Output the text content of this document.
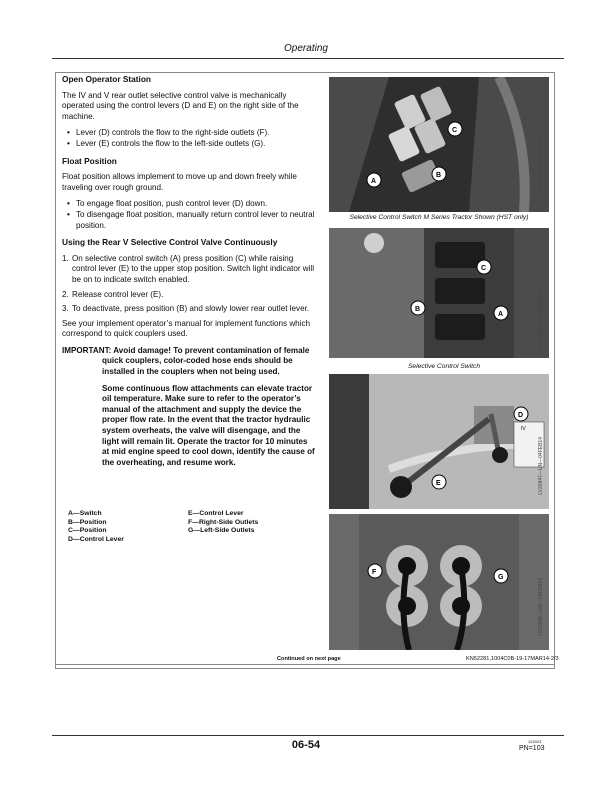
Operating
Open Operator Station

The IV and V rear outlet selective control valve is mechanically operated using the control levers (D and E) on the right side of the machine.

• Lever (D) controls the flow to the right-side outlets (F).
• Lever (E) controls the flow to the left-side outlets (G).
Float Position

Float position allows implement to move up and down freely while traveling over rough ground.

• To engage float position, push control lever (D) down.
• To disengage float position, manually return control lever to neutral position.
Using the Rear V Selective Control Valve Continuously
1. On selective control switch (A) press position (C) while raising control lever (E) to the upper stop position. Switch light indicator will be on to indicate switch enabled.
2. Release control lever (E).
3. To deactivate, press position (B) and slowly lower rear outlet lever.

See your implement operator’s manual for implement functions which correspond to quick couplers used.

IMPORTANT: Avoid damage! To prevent contamination of female quick couplers, color-coded hose ends should be installed in the couplers when not being used.

Some continuous flow attachments can elevate tractor oil temperature. Make sure to refer to the operator’s manual of the attachment and supply the device the proper flow rate. In the event that the tractor hydraulic system overheats, the valve will disengage, and the light will remain lit. Operate the tractor for 10 minutes at mid engine speed to cool down, identify the cause of the overheating, and resume work.

A—Switch
B—Position
C—Position
D—Control Lever
E—Control Lever
F—Right-Side Outlets
G—Left-Side Outlets
A
B
C
LV20945—UN—04FEB14
Selective Control Switch M Series Tractor Shown (HST only)
C
B
A	LV20946—UN—04FEB14
Selective Control Switch
IV
D
E	LV20947—UN—04FEB14
F
G
LV20948—UN—04FEB14
Continued on next page	KN52281,1004C0B-19-17MAR14-2/3
06-54	122023
PN=103
